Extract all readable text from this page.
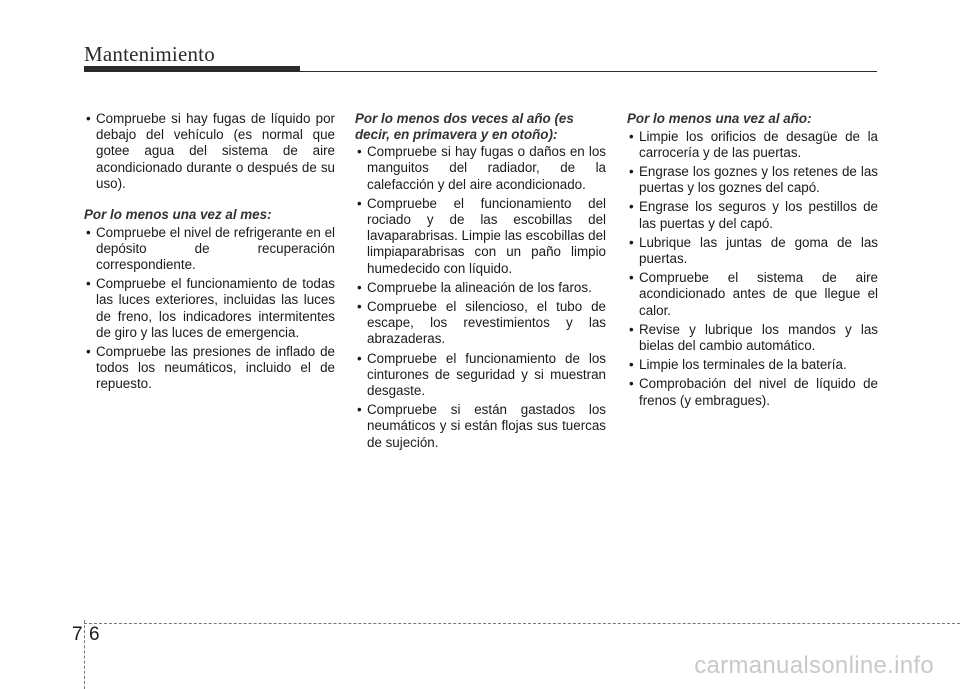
Mantenimiento
• Compruebe si hay fugas de líquido por debajo del vehículo (es normal que gotee agua del sistema de aire acondicionado durante o después de su uso).
Por lo menos una vez al mes:
• Compruebe el nivel de refrigerante en el depósito de recuperación correspondiente.
• Compruebe el funcionamiento de todas las luces exteriores, incluidas las luces de freno, los indicadores intermitentes de giro y las luces de emergencia.
• Compruebe las presiones de inflado de todos los neumáticos, incluido el de repuesto.
Por lo menos dos veces al año (es decir, en primavera y en otoño):
• Compruebe si hay fugas o daños en los manguitos del radiador, de la calefacción y del aire acondicionado.
• Compruebe el funcionamiento del rociado y de las escobillas del lavaparabrisas. Limpie las escobillas del limpiaparabrisas con un paño limpio humedecido con líquido.
• Compruebe la alineación de los faros.
• Compruebe el silencioso, el tubo de escape, los revestimientos y las abrazaderas.
• Compruebe el funcionamiento de los cinturones de seguridad y si muestran desgaste.
• Compruebe si están gastados los neumáticos y si están flojas sus tuercas de sujeción.
Por lo menos una vez al año:
• Limpie los orificios de desagüe de la carrocería y de las puertas.
• Engrase los goznes y los retenes de las puertas y los goznes del capó.
• Engrase los seguros y los pestillos de las puertas y del capó.
• Lubrique las juntas de goma de las puertas.
• Compruebe el sistema de aire acondicionado antes de que llegue el calor.
• Revise y lubrique los mandos y las bielas del cambio automático.
• Limpie los terminales de la batería.
• Comprobación del nivel de líquido de frenos (y embragues).
7 6
carmanualsonline.info
